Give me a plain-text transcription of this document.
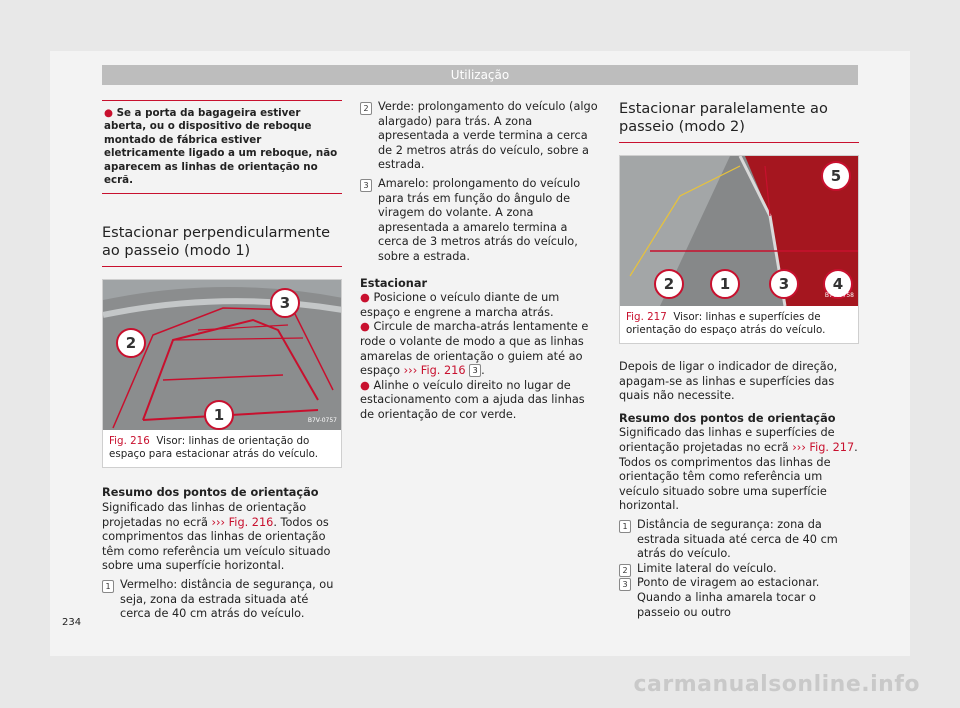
Utilização
● Se a porta da bagageira estiver aberta, ou o dispositivo de reboque montado de fábrica estiver eletricamente ligado a um reboque, não aparecem as linhas de orientação no ecrã.
Estacionar perpendicularmente ao passeio (modo 1)
3
2
1	B7V-0757
Fig. 216 Visor: linhas de orientação do espaço para estacionar atrás do veículo.

Resumo dos pontos de orientação

Significado das linhas de orientação projetadas no ecrã ››› Fig. 216. Todos os comprimentos das linhas de orientação têm como referência um veículo situado sobre uma superfície horizontal.

1 Vermelho: distância de segurança, ou seja, zona da estrada situada até cerca de 40 cm atrás do veículo.
2 Verde: prolongamento do veículo (algo alargado) para trás. A zona apresentada a verde termina a cerca de 2 metros atrás do veículo, sobre a estrada.
3 Amarelo: prolongamento do veículo para trás em função do ângulo de viragem do volante. A zona apresentada a amarelo termina a cerca de 3 metros atrás do veículo, sobre a estrada.

Estacionar

● Posicione o veículo diante de um espaço e engrene a marcha atrás.

● Circule de marcha-atrás lentamente e rode o volante de modo a que as linhas amarelas de orientação o guiem até ao espaço ››› Fig. 216 3 .

● Alinhe o veículo direito no lugar de estacionamento com a ajuda das linhas de orientação de cor verde.

Estacionar paralelamente ao passeio (modo 2)
5
2	1	3	4
B7V-0758
Fig. 217 Visor: linhas e superfícies de orientação do espaço atrás do veículo.

Depois de ligar o indicador de direção, apagam-se as linhas e superfícies das quais não necessite.

Resumo dos pontos de orientação

Significado das linhas e superfícies de orientação projetadas no ecrã ››› Fig. 217. Todos os comprimentos das linhas de orientação têm como referência um veículo situado sobre uma superfície horizontal.

1 Distância de segurança: zona da estrada situada até cerca de 40 cm atrás do veículo.
2 Limite lateral do veículo.
3 Ponto de viragem ao estacionar. Quando a linha amarela tocar o passeio ou outro
234
carmanualsonline.info
